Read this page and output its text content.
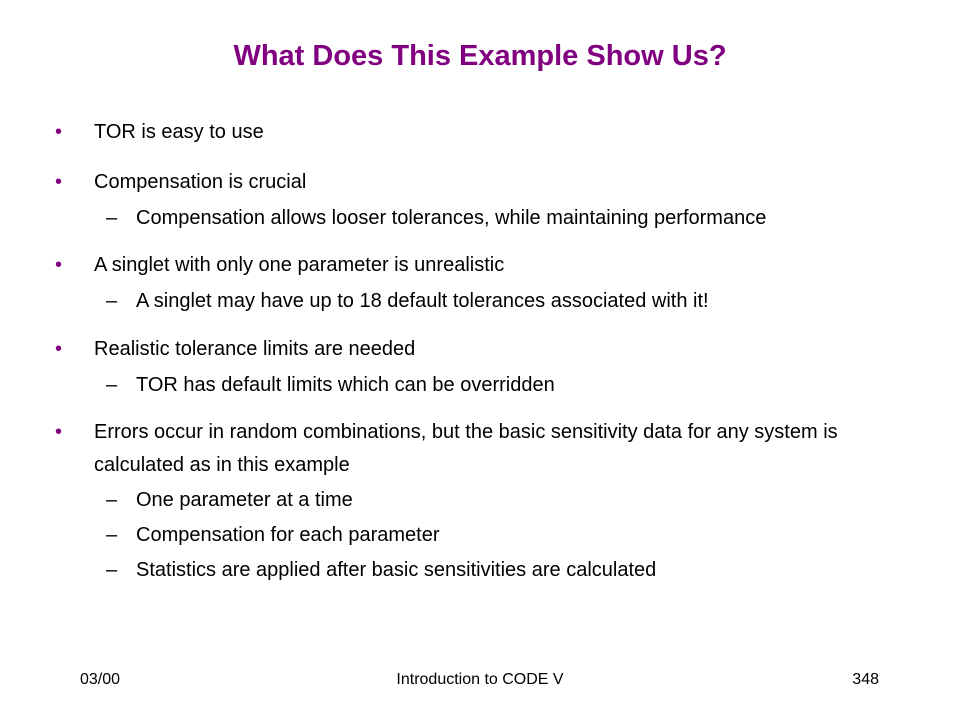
What Does This Example Show Us?
• TOR is easy to use
• Compensation is crucial
– Compensation allows looser tolerances, while maintaining performance
• A singlet with only one parameter is unrealistic
– A singlet may have up to 18 default tolerances associated with it!
• Realistic tolerance limits are needed
– TOR has default limits which can be overridden
• Errors occur in random combinations, but the basic sensitivity data for any system is calculated as in this example
– One parameter at a time
– Compensation for each parameter
– Statistics are applied after basic sensitivities are calculated
03/00	Introduction to CODE V	348
